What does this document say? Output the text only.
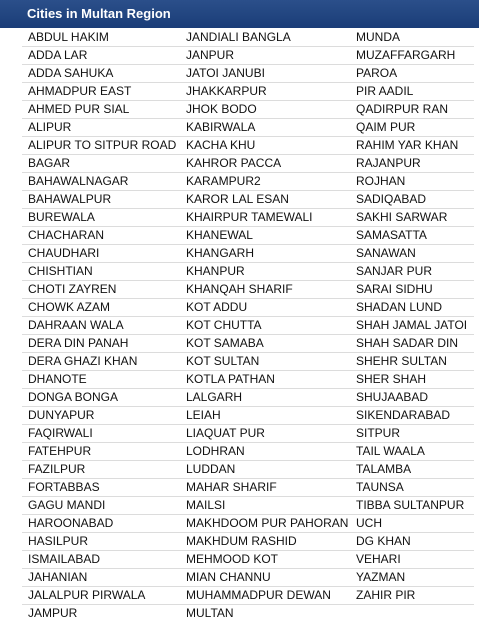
Cities in Multan Region
ABDUL HAKIM	JANDIALI BANGLA	MUNDA
ADDA LAR	JANPUR	MUZAFFARGARH
ADDA SAHUKA	JATOI JANUBI	PAROA
AHMADPUR EAST	JHAKKARPUR	PIR AADIL
AHMED PUR SIAL	JHOK BODO	QADIRPUR RAN
ALIPUR	KABIRWALA	QAIM PUR
ALIPUR TO SITPUR ROAD	KACHA KHU	RAHIM YAR KHAN
BAGAR	KAHROR PACCA	RAJANPUR
BAHAWALNAGAR	KARAMPUR2	ROJHAN
BAHAWALPUR	KAROR LAL ESAN	SADIQABAD
BUREWALA	KHAIRPUR TAMEWALI	SAKHI SARWAR
CHACHARAN	KHANEWAL	SAMASATTA
CHAUDHARI	KHANGARH	SANAWAN
CHISHTIAN	KHANPUR	SANJAR PUR
CHOTI ZAYREN	KHANQAH SHARIF	SARAI SIDHU
CHOWK AZAM	KOT ADDU	SHADAN LUND
DAHRAAN WALA	KOT CHUTTA	SHAH JAMAL JATOI
DERA DIN PANAH	KOT SAMABA	SHAH SADAR DIN
DERA GHAZI KHAN	KOT SULTAN	SHEHR SULTAN
DHANOTE	KOTLA PATHAN	SHER SHAH
DONGA BONGA	LALGARH	SHUJAABAD
DUNYAPUR	LEIAH	SIKENDARABAD
FAQIRWALI	LIAQUAT PUR	SITPUR
FATEHPUR	LODHRAN	TAIL WAALA
FAZILPUR	LUDDAN	TALAMBA
FORTABBAS	MAHAR SHARIF	TAUNSA
GAGU MANDI	MAILSI	TIBBA SULTANPUR
HAROONABAD	MAKHDOOM PUR PAHORAN	UCH
HASILPUR	MAKHDUM RASHID	DG KHAN
ISMAILABAD	MEHMOOD KOT	VEHARI
JAHANIAN	MIAN CHANNU	YAZMAN
JALALPUR PIRWALA	MUHAMMADPUR DEWAN	ZAHIR PIR
JAMPUR	MULTAN	
